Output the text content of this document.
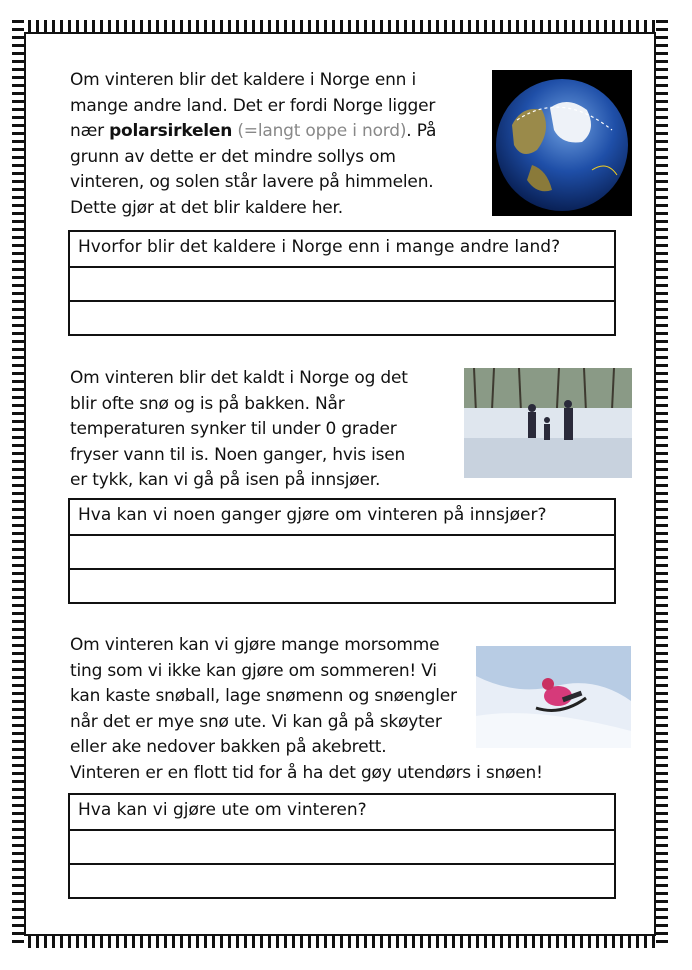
Om vinteren blir det kaldere i Norge enn i
mange andre land. Det er fordi Norge ligger
nær polarsirkelen (=langt oppe i nord). På
grunn av dette er det mindre sollys om
vinteren, og solen står lavere på himmelen.
Dette gjør at det blir kaldere her.
Hvorfor blir det kaldere i Norge enn i mange andre land?
Om vinteren blir det kaldt i Norge og det
blir ofte snø og is på bakken. Når
temperaturen synker til under 0 grader
fryser vann til is. Noen ganger, hvis isen
er tykk, kan vi gå på isen på innsjøer.
Hva kan vi noen ganger gjøre om vinteren på innsjøer?
Om vinteren kan vi gjøre mange morsomme
ting som vi ikke kan gjøre om sommeren! Vi
kan kaste snøball, lage snømenn og snøengler
når det er mye snø ute. Vi kan gå på skøyter
eller ake nedover bakken på akebrett.
Vinteren er en flott tid for å ha det gøy utendørs i snøen!
Hva kan vi gjøre ute om vinteren?
